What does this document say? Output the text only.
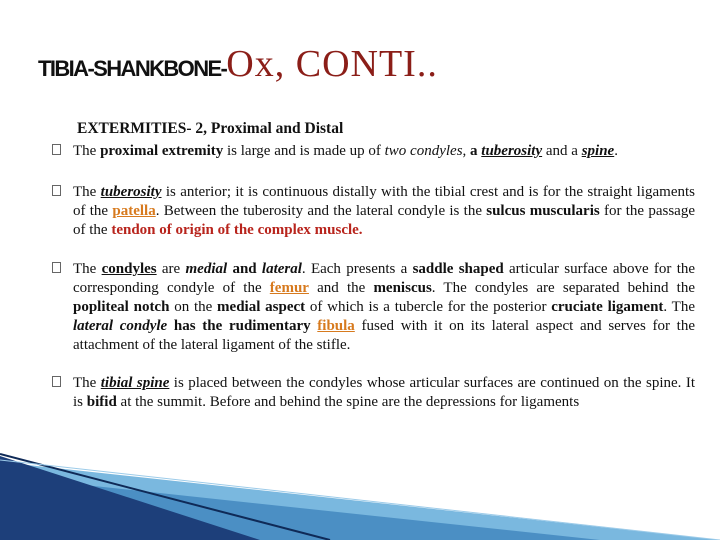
TIBIA-SHANKBONE-Ox, CONTI..
EXTERMITIES- 2, Proximal and Distal
The proximal extremity is large and is made up of two condyles, a tuberosity and a spine.
The tuberosity is anterior; it is continuous distally with the tibial crest and is for the straight ligaments of the patella. Between the tuberosity and the lateral condyle is the sulcus muscularis for the passage of the tendon of origin of the complex muscle.
The condyles are medial and lateral. Each presents a saddle shaped articular surface above for the corresponding condyle of the femur and the meniscus. The condyles are separated behind the popliteal notch on the medial aspect of which is a tubercle for the posterior cruciate ligament. The lateral condyle has the rudimentary fibula fused with it on its lateral aspect and serves for the attachment of the lateral ligament of the stifle.
The tibial spine is placed between the condyles whose articular surfaces are continued on the spine. It is bifid at the summit. Before and behind the spine are the depressions for ligaments
